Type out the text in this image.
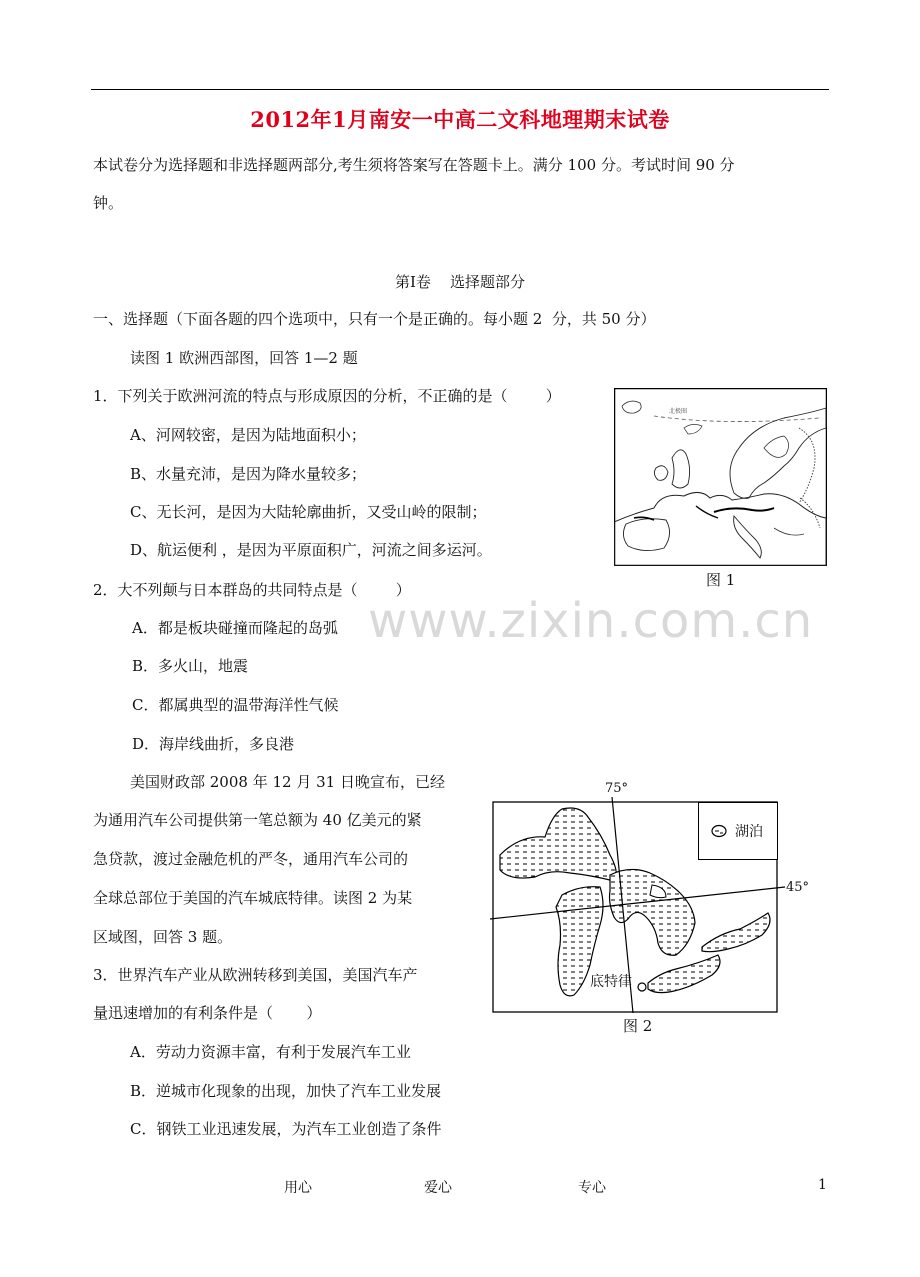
2012年1月南安一中高二文科地理期末试卷
本试卷分为选择题和非选择题两部分,考生须将答案写在答题卡上。满分 100 分。考试时间 90 分
钟。
第Ⅰ卷    选择题部分
一、选择题（下面各题的四个选项中，只有一个是正确的。每小题 2  分，共 50 分）
读图 1 欧洲西部图，回答 1—2 题
1．下列关于欧洲河流的特点与形成原因的分析，不正确的是（        ）
A、河网较密，是因为陆地面积小；
B、水量充沛，是因为降水量较多；
C、无长河，是因为大陆轮廓曲折，又受山岭的限制；
D、航运便利 ，是因为平原面积广，河流之间多运河。
北极圈
图 1
2．大不列颠与日本群岛的共同特点是（        ）
A．都是板块碰撞而隆起的岛弧
B．多火山，地震
C．都属典型的温带海洋性气候
D．海岸线曲折，多良港
www.zixin.com.cn
美国财政部 2008 年 12 月 31 日晚宣布，已经
为通用汽车公司提供第一笔总额为 40 亿美元的紧
急贷款，渡过金融危机的严冬，通用汽车公司的
全球总部位于美国的汽车城底特律。读图 2 为某
区域图，回答 3 题。
3．世界汽车产业从欧洲转移到美国，美国汽车产
量迅速增加的有利条件是（       ）
A．劳动力资源丰富，有利于发展汽车工业
B．逆城市化现象的出现，加快了汽车工业发展
C．钢铁工业迅速发展，为汽车工业创造了条件
75°
45°
底特律
湖泊
图 2
用心	爱心	专心	1
